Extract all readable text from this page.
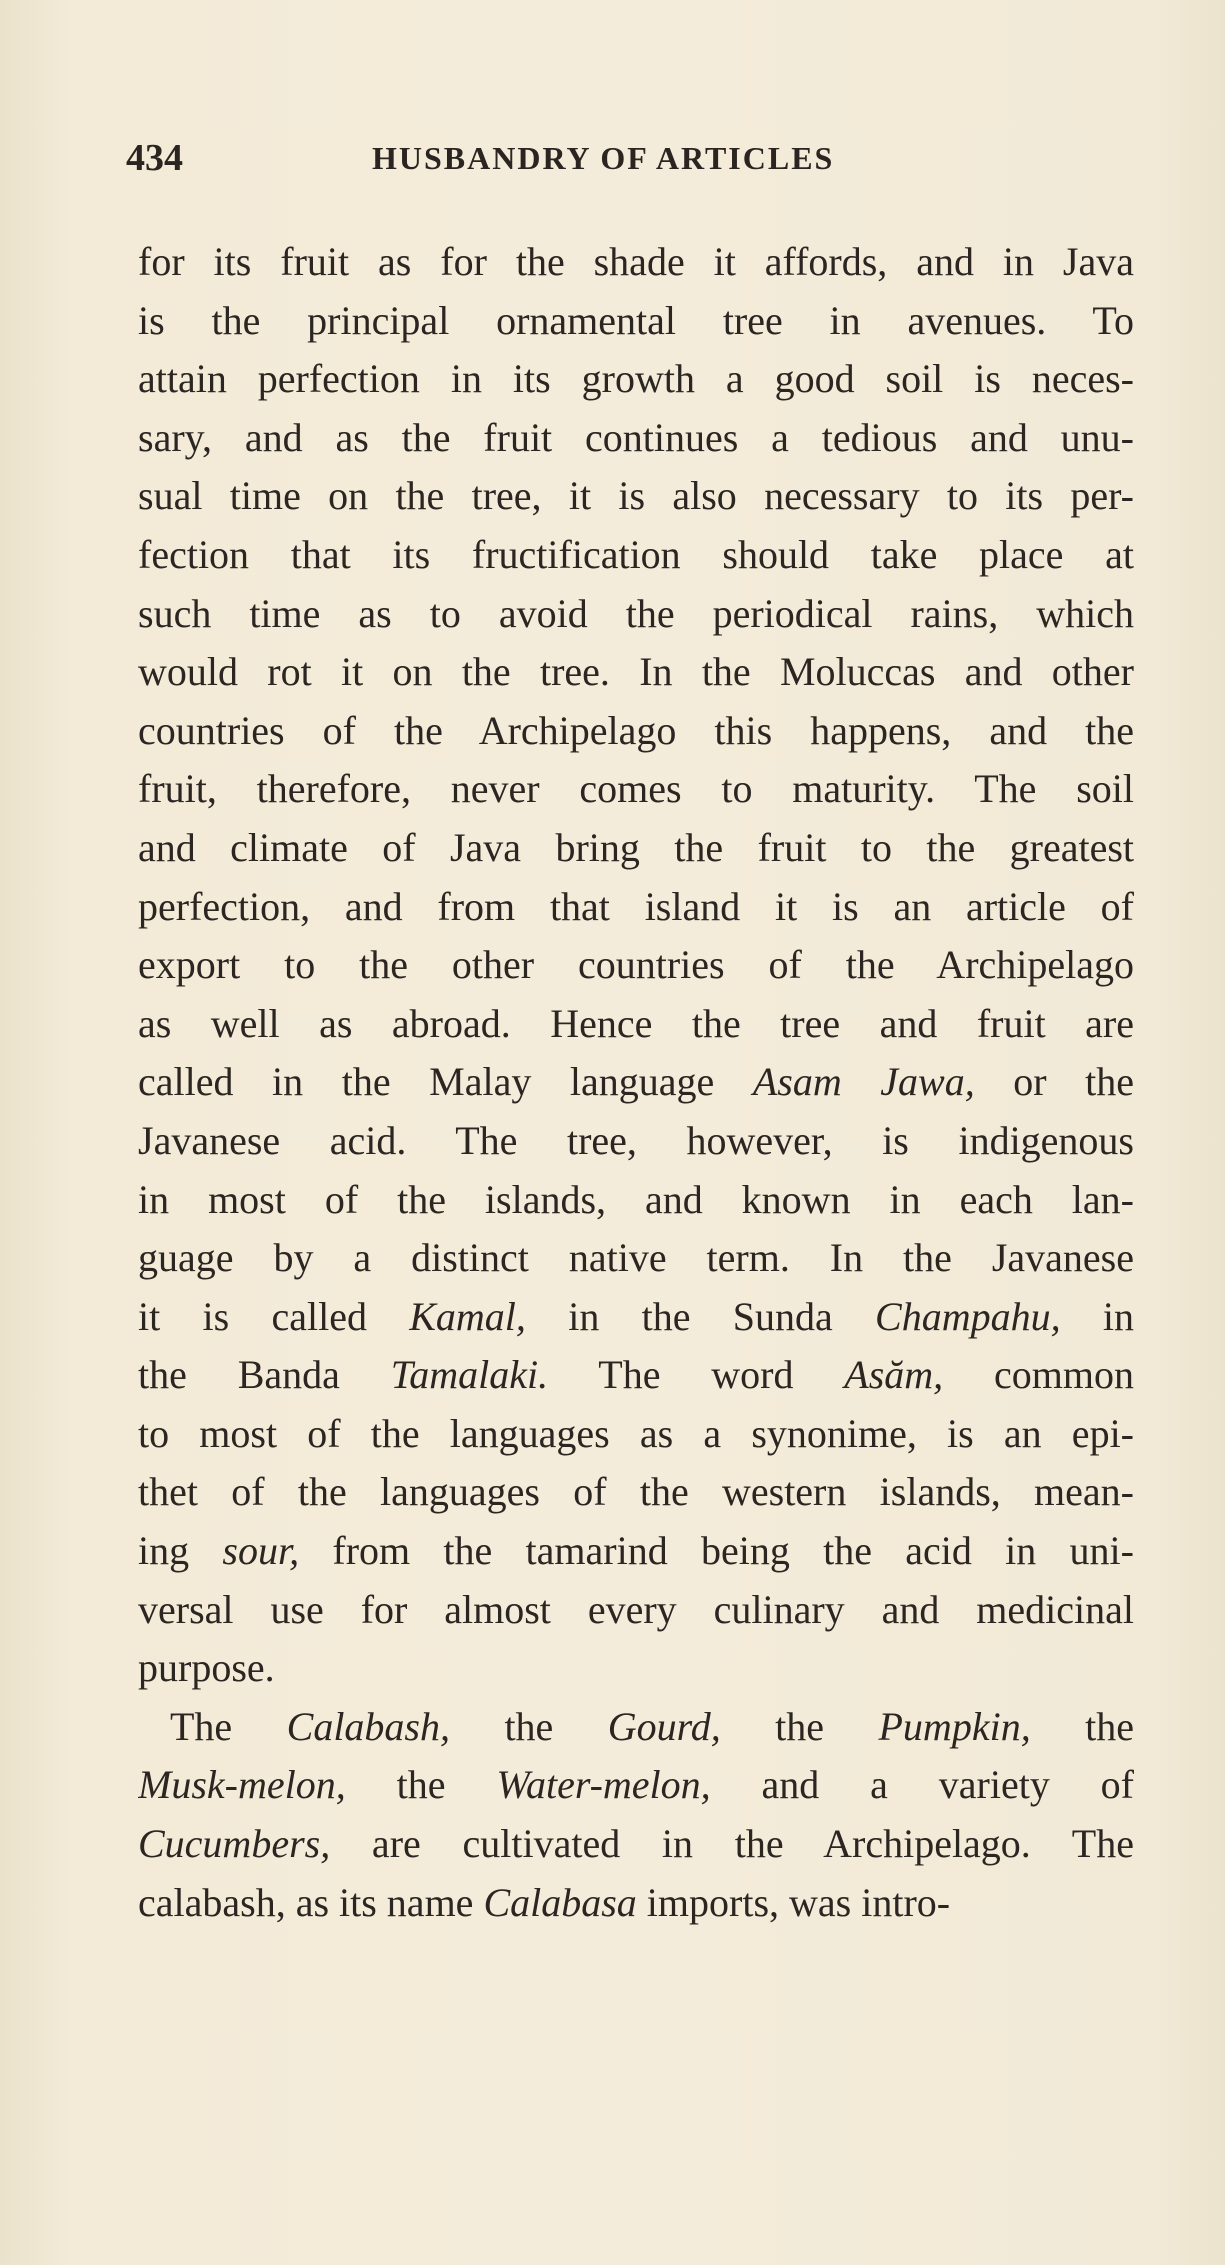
434	HUSBANDRY OF ARTICLES
for its fruit as for the shade it affords, and in Java
is the principal ornamental tree in avenues. To
attain perfection in its growth a good soil is neces-
sary, and as the fruit continues a tedious and unu-
sual time on the tree, it is also necessary to its per-
fection that its fructification should take place at
such time as to avoid the periodical rains, which
would rot it on the tree. In the Moluccas and other
countries of the Archipelago this happens, and the
fruit, therefore, never comes to maturity. The soil
and climate of Java bring the fruit to the greatest
perfection, and from that island it is an article of
export to the other countries of the Archipelago
as well as abroad. Hence the tree and fruit are
called in the Malay language Asam Jawa, or the
Javanese acid. The tree, however, is indigenous
in most of the islands, and known in each lan-
guage by a distinct native term. In the Javanese
it is called Kamal, in the Sunda Champahu, in
the Banda Tamalaki. The word Asăm, common
to most of the languages as a synonime, is an epi-
thet of the languages of the western islands, mean-
ing sour, from the tamarind being the acid in uni-
versal use for almost every culinary and medicinal
purpose.
The Calabash, the Gourd, the Pumpkin, the
Musk-melon, the Water-melon, and a variety of
Cucumbers, are cultivated in the Archipelago. The
calabash, as its name Calabasa imports, was intro-
